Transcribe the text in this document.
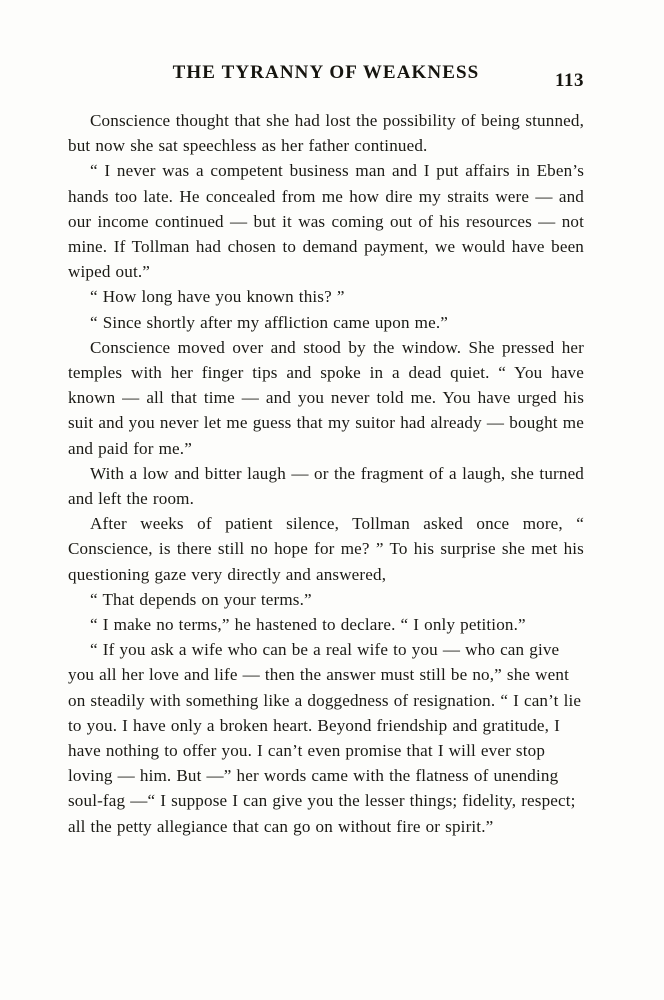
THE TYRANNY OF WEAKNESS	113

Conscience thought that she had lost the possibility of being stunned, but now she sat speechless as her father continued.

“ I never was a competent business man and I put affairs in Eben’s hands too late. He concealed from me how dire my straits were — and our income continued — but it was coming out of his resources — not mine. If Tollman had chosen to demand payment, we would have been wiped out.”

“ How long have you known this? ”

“ Since shortly after my affliction came upon me.”

Conscience moved over and stood by the window. She pressed her temples with her finger tips and spoke in a dead quiet. “ You have known — all that time — and you never told me. You have urged his suit and you never let me guess that my suitor had already — bought me and paid for me.”

With a low and bitter laugh — or the fragment of a laugh, she turned and left the room.

After weeks of patient silence, Tollman asked once more, “ Conscience, is there still no hope for me? ” To his surprise she met his questioning gaze very directly and answered,

“ That depends on your terms.”

“ I make no terms,” he hastened to declare. “ I only petition.”

“ If you ask a wife who can be a real wife to you — who can give you all her love and life — then the answer must still be no,” she went on steadily with something like a doggedness of resignation. “ I can’t lie to you. I have only a broken heart. Beyond friendship and gratitude, I have nothing to offer you. I can’t even promise that I will ever stop loving — him. But —” her words came with the flatness of unending soul-fag —“ I suppose I can give you the lesser things; fidelity, respect; all the petty allegiance that can go on without fire or spirit.”
